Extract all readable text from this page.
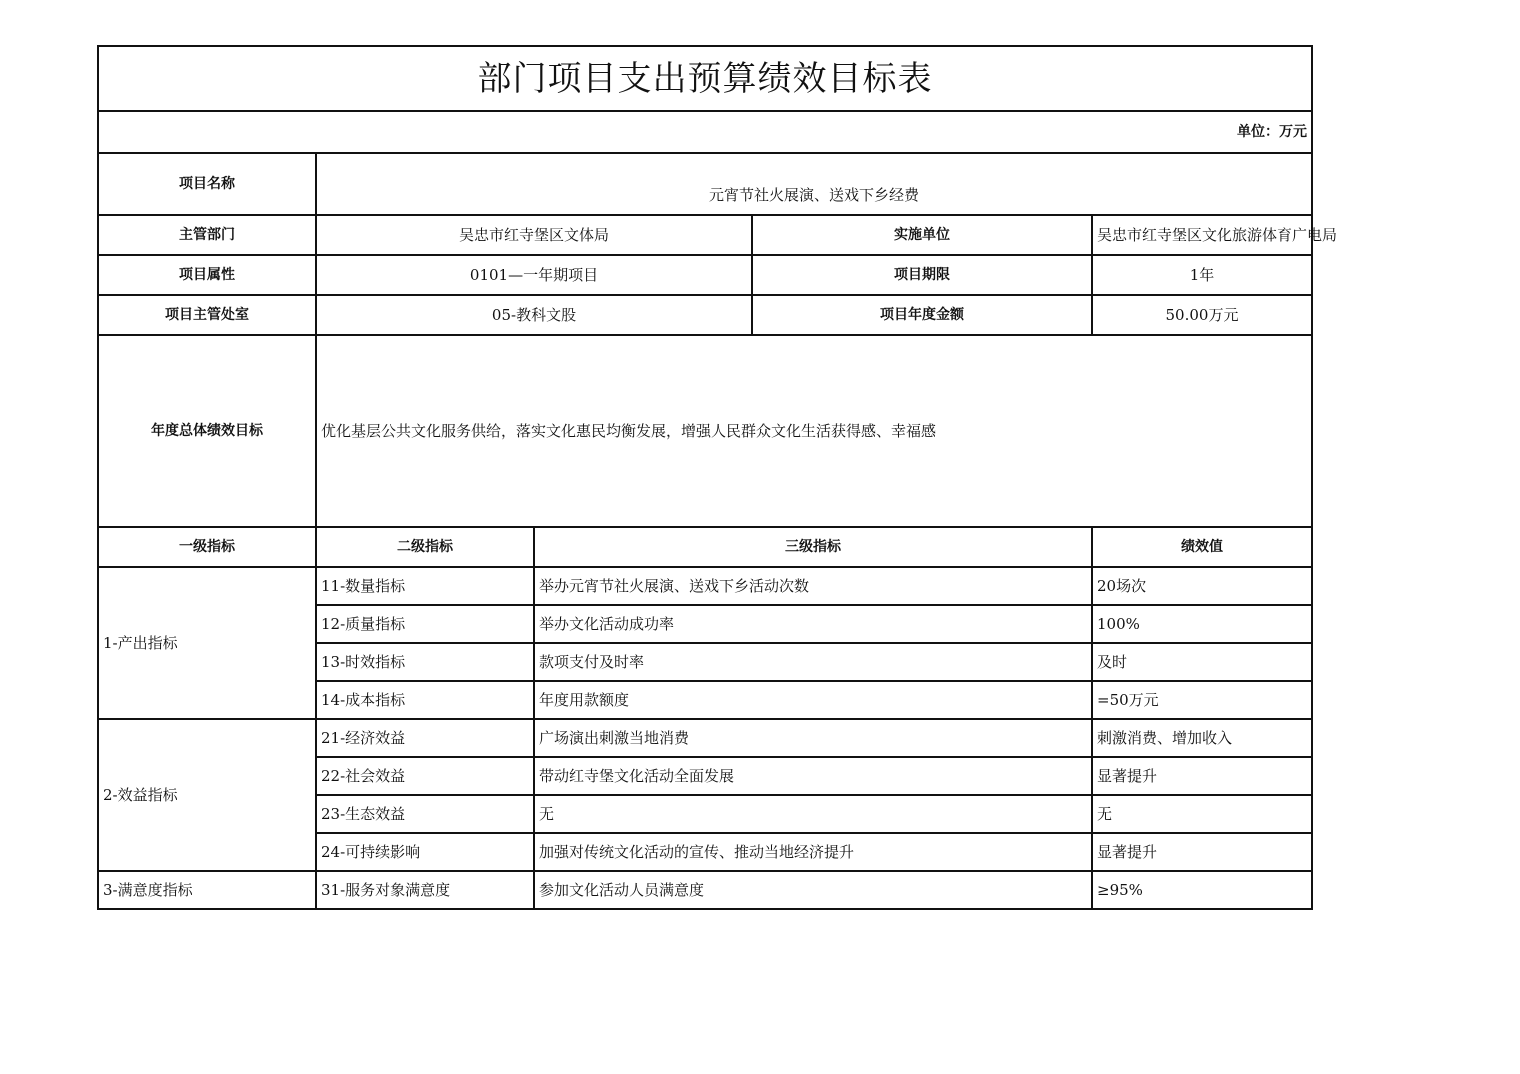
部门项目支出预算绩效目标表				
单位：万元				
项目名称	元宵节社火展演、送戏下乡经费			
主管部门	吴忠市红寺堡区文体局		实施单位	吴忠市红寺堡区文化旅游体育广电局
项目属性	0101—一年期项目		项目期限	1年
项目主管处室	05-教科文股		项目年度金额	50.00万元
年度总体绩效目标	优化基层公共文化服务供给，落实文化惠民均衡发展，增强人民群众文化生活获得感、幸福感			
一级指标	二级指标	三级指标		绩效值
1-产出指标	11-数量指标	举办元宵节社火展演、送戏下乡活动次数		20场次
	12-质量指标	举办文化活动成功率		100%
	13-时效指标	款项支付及时率		及时
	14-成本指标	年度用款额度		=50万元
2-效益指标	21-经济效益	广场演出刺激当地消费		刺激消费、增加收入
	22-社会效益	带动红寺堡文化活动全面发展		显著提升
	23-生态效益	无		无
	24-可持续影响	加强对传统文化活动的宣传、推动当地经济提升		显著提升
3-满意度指标	31-服务对象满意度	参加文化活动人员满意度		≥95%
